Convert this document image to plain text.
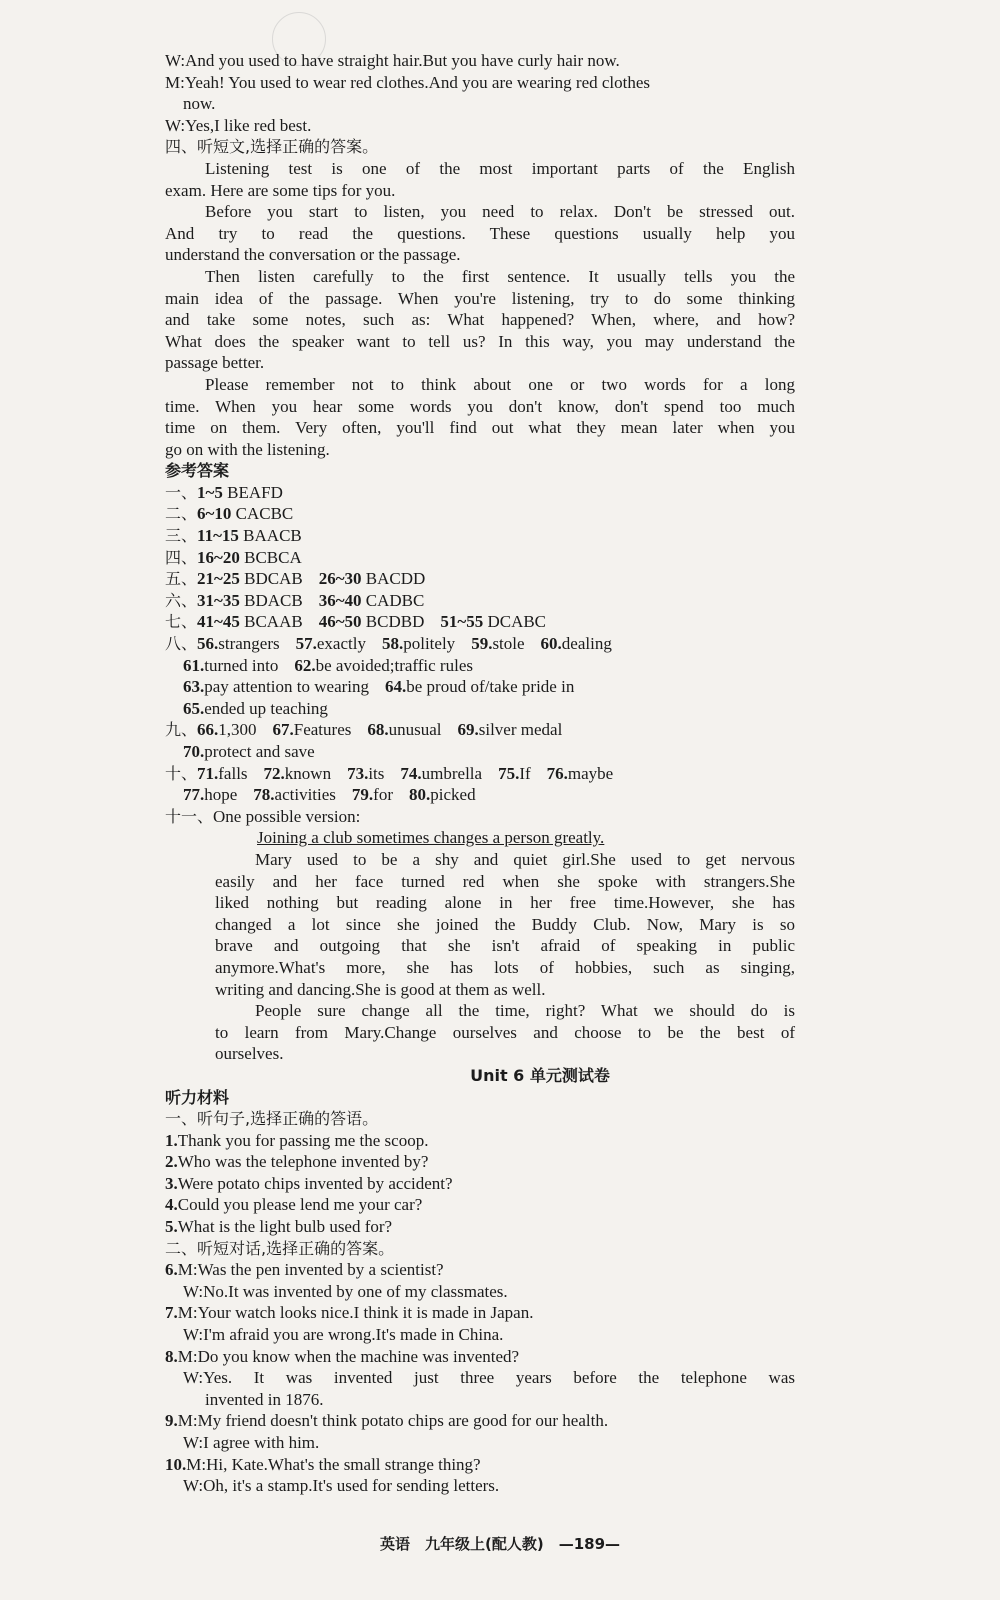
W:And you used to have straight hair.But you have curly hair now.
M:Yeah! You used to wear red clothes.And you are wearing red clothes
now.
W:Yes,I like red best.
四、听短文,选择正确的答案。
Listening test is one of the most important parts of the English
exam. Here are some tips for you.
Before you start to listen, you need to relax. Don't be stressed out.
And try to read the questions. These questions usually help you
understand the conversation or the passage.
Then listen carefully to the first sentence. It usually tells you the
main idea of the passage. When you're listening, try to do some thinking
and take some notes, such as: What happened? When, where, and how?
What does the speaker want to tell us? In this way, you may understand the
passage better.
Please remember not to think about one or two words for a long
time. When you hear some words you don't know, don't spend too much
time on them. Very often, you'll find out what they mean later when you
go on with the listening.
参考答案
一、1~5 BEAFD
二、6~10 CACBC
三、11~15 BAACB
四、16~20 BCBCA
五、21~25 BDCAB 26~30 BACDD
六、31~35 BDACB 36~40 CADBC
七、41~45 BCAAB 46~50 BCDBD 51~55 DCABC
八、56.strangers 57.exactly 58.politely 59.stole 60.dealing
61.turned into 62.be avoided;traffic rules
63.pay attention to wearing 64.be proud of/take pride in
65.ended up teaching
九、66.1,300 67.Features 68.unusual 69.silver medal
70.protect and save
十、71.falls 72.known 73.its 74.umbrella 75.If 76.maybe
77.hope 78.activities 79.for 80.picked
十一、One possible version:
Joining a club sometimes changes a person greatly.
Mary used to be a shy and quiet girl.She used to get nervous
easily and her face turned red when she spoke with strangers.She
liked nothing but reading alone in her free time.However, she has
changed a lot since she joined the Buddy Club. Now, Mary is so
brave and outgoing that she isn't afraid of speaking in public
anymore.What's more, she has lots of hobbies, such as singing,
writing and dancing.She is good at them as well.
People sure change all the time, right? What we should do is
to learn from Mary.Change ourselves and choose to be the best of
ourselves.
Unit 6 单元测试卷
听力材料
一、听句子,选择正确的答语。
1.Thank you for passing me the scoop.
2.Who was the telephone invented by?
3.Were potato chips invented by accident?
4.Could you please lend me your car?
5.What is the light bulb used for?
二、听短对话,选择正确的答案。
6.M:Was the pen invented by a scientist?
W:No.It was invented by one of my classmates.
7.M:Your watch looks nice.I think it is made in Japan.
W:I'm afraid you are wrong.It's made in China.
8.M:Do you know when the machine was invented?
W:Yes. It was invented just three years before the telephone was
invented in 1876.
9.M:My friend doesn't think potato chips are good for our health.
W:I agree with him.
10.M:Hi, Kate.What's the small strange thing?
W:Oh, it's a stamp.It's used for sending letters.
英语　九年级上(配人教)　—189—
